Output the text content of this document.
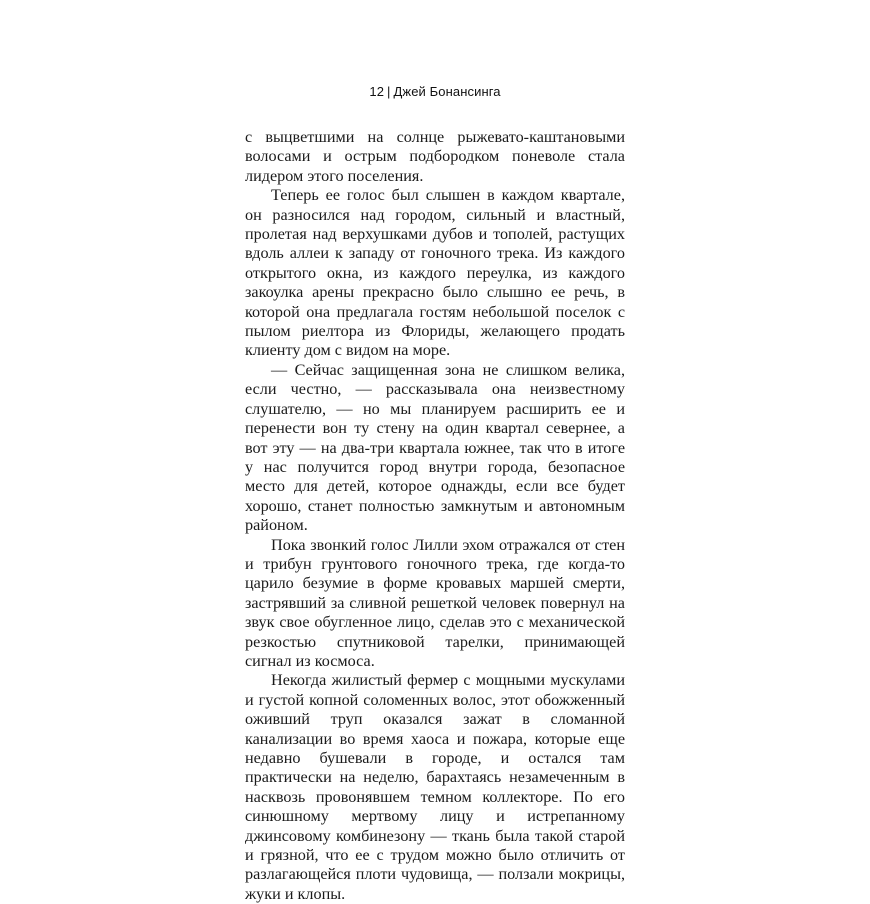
12 | Джей Бонансинга

с выцветшими на солнце рыжевато-каштановыми волосами и острым подбородком поневоле стала лидером этого поселения.

Теперь ее голос был слышен в каждом квартале, он разносился над городом, сильный и властный, пролетая над верхушками дубов и тополей, растущих вдоль аллеи к западу от гоночного трека. Из каждого открытого окна, из каждого переулка, из каждого закоулка арены прекрасно было слышно ее речь, в которой она предлагала гостям небольшой поселок с пылом риелтора из Флориды, желающего продать клиенту дом с видом на море.

— Сейчас защищенная зона не слишком велика, если честно, — рассказывала она неизвестному слушателю, — но мы планируем расширить ее и перенести вон ту стену на один квартал севернее, а вот эту — на два-три квартала южнее, так что в итоге у нас получится город внутри города, безопасное место для детей, которое однажды, если все будет хорошо, станет полностью замкнутым и автономным районом.

Пока звонкий голос Лилли эхом отражался от стен и трибун грунтового гоночного трека, где когда-то царило безумие в форме кровавых маршей смерти, застрявший за сливной решеткой человек повернул на звук свое обугленное лицо, сделав это с механической резкостью спутниковой тарелки, принимающей сигнал из космоса.

Некогда жилистый фермер с мощными мускулами и густой копной соломенных волос, этот обожженный оживший труп оказался зажат в сломанной канализации во время хаоса и пожара, которые еще недавно бушевали в городе, и остался там практически на неделю, барахтаясь незамеченным в насквозь провонявшем темном коллекторе. По его синюшному мертвому лицу и истрепанному джинсовому комбинезону — ткань была такой старой и грязной, что ее с трудом можно было отличить от разлагающейся плоти чудовища, — ползали мокрицы, жуки и клопы.
